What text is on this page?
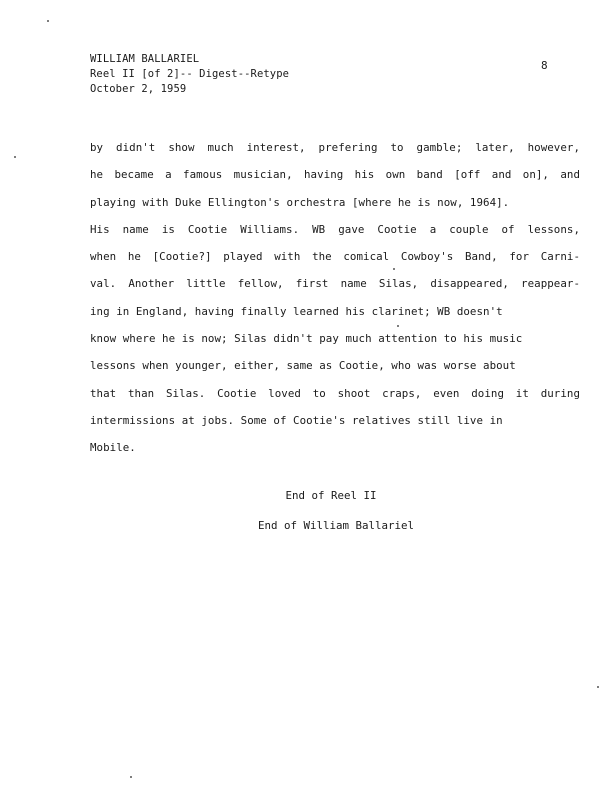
WILLIAM BALLARIEL
Reel II [of 2]-- Digest--Retype
October 2, 1959
8
by didn't show much interest, prefering to gamble; later, however,
he became a famous musician, having his own band [off and on], and
playing with Duke Ellington's orchestra [where he is now, 1964].
His name is Cootie Williams. WB gave Cootie a couple of lessons,
when he [Cootie?] played with the comical Cowboy's Band, for Carni-
val. Another little fellow, first name Silas, disappeared, reappear-
ing in England, having finally learned his clarinet; WB doesn't
know where he is now; Silas didn't pay much attention to his music
lessons when younger, either, same as Cootie, who was worse about
that than Silas. Cootie loved to shoot craps, even doing it during
intermissions at jobs. Some of Cootie's relatives still live in
Mobile.
End of Reel II
End of William Ballariel
